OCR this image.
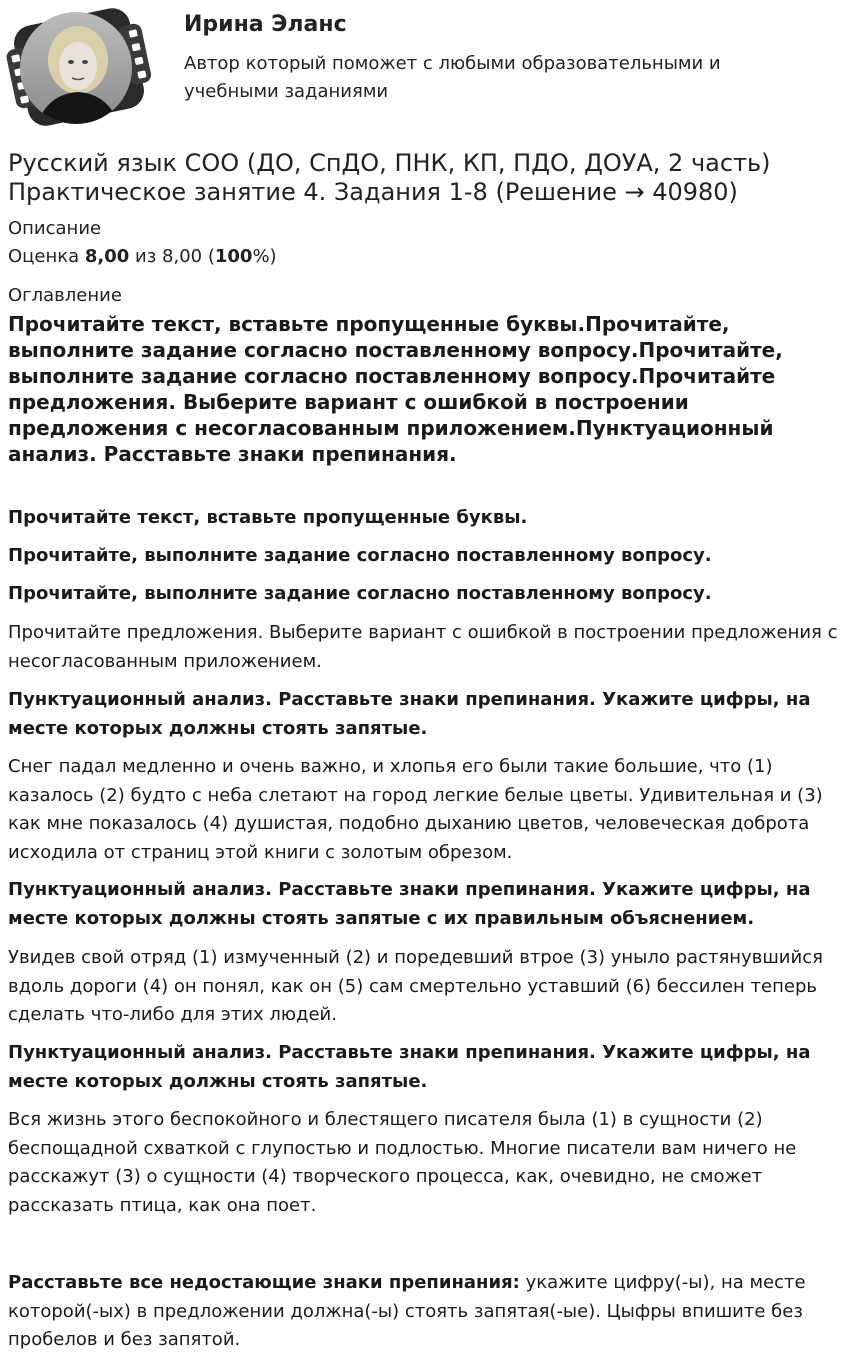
Ирина Эланс
Автор который поможет с любыми образовательными и учебными заданиями
Русский язык СОО (ДО, СпДО, ПНК, КП, ПДО, ДОУА, 2 часть)
Практическое занятие 4. Задания 1-8 (Решение → 40980)
Описание
Оценка 8,00 из 8,00 (100%)
Оглавление
Прочитайте текст, вставьте пропущенные буквы.Прочитайте, выполните задание согласно поставленному вопросу.Прочитайте, выполните задание согласно поставленному вопросу.Прочитайте предложения. Выберите вариант с ошибкой в построении предложения с несогласованным приложением.Пунктуационный анализ. Расставьте знаки препинания.
Прочитайте текст, вставьте пропущенные буквы.
Прочитайте, выполните задание согласно поставленному вопросу.
Прочитайте, выполните задание согласно поставленному вопросу.
Прочитайте предложения. Выберите вариант с ошибкой в построении предложения с несогласованным приложением.
Пунктуационный анализ. Расставьте знаки препинания. Укажите цифры, на месте которых должны стоять запятые.
Снег падал медленно и очень важно, и хлопья его были такие большие, что (1) казалось (2) будто с неба слетают на город легкие белые цветы. Удивительная и (3) как мне показалось (4) душистая, подобно дыханию цветов, человеческая доброта исходила от страниц этой книги с золотым обрезом.
Пунктуационный анализ. Расставьте знаки препинания. Укажите цифры, на месте которых должны стоять запятые с их правильным объяснением.
Увидев свой отряд (1) измученный (2) и поредевший втрое (3) уныло растянувшийся вдоль дороги (4) он понял, как он (5) сам смертельно уставший (6) бессилен теперь сделать что-либо для этих людей.
Пунктуационный анализ. Расставьте знаки препинания. Укажите цифры, на месте которых должны стоять запятые.
Вся жизнь этого беспокойного и блестящего писателя была (1) в сущности (2) беспощадной схваткой с глупостью и подлостью. Многие писатели вам ничего не расскажут (3) о сущности (4) творческого процесса, как, очевидно, не сможет рассказать птица, как она поет.
Расставьте все недостающие знаки препинания: укажите цифру(-ы), на месте которой(-ых) в предложении должна(-ы) стоять запятая(-ые). Цыфры впишите без пробелов и без запятой.
